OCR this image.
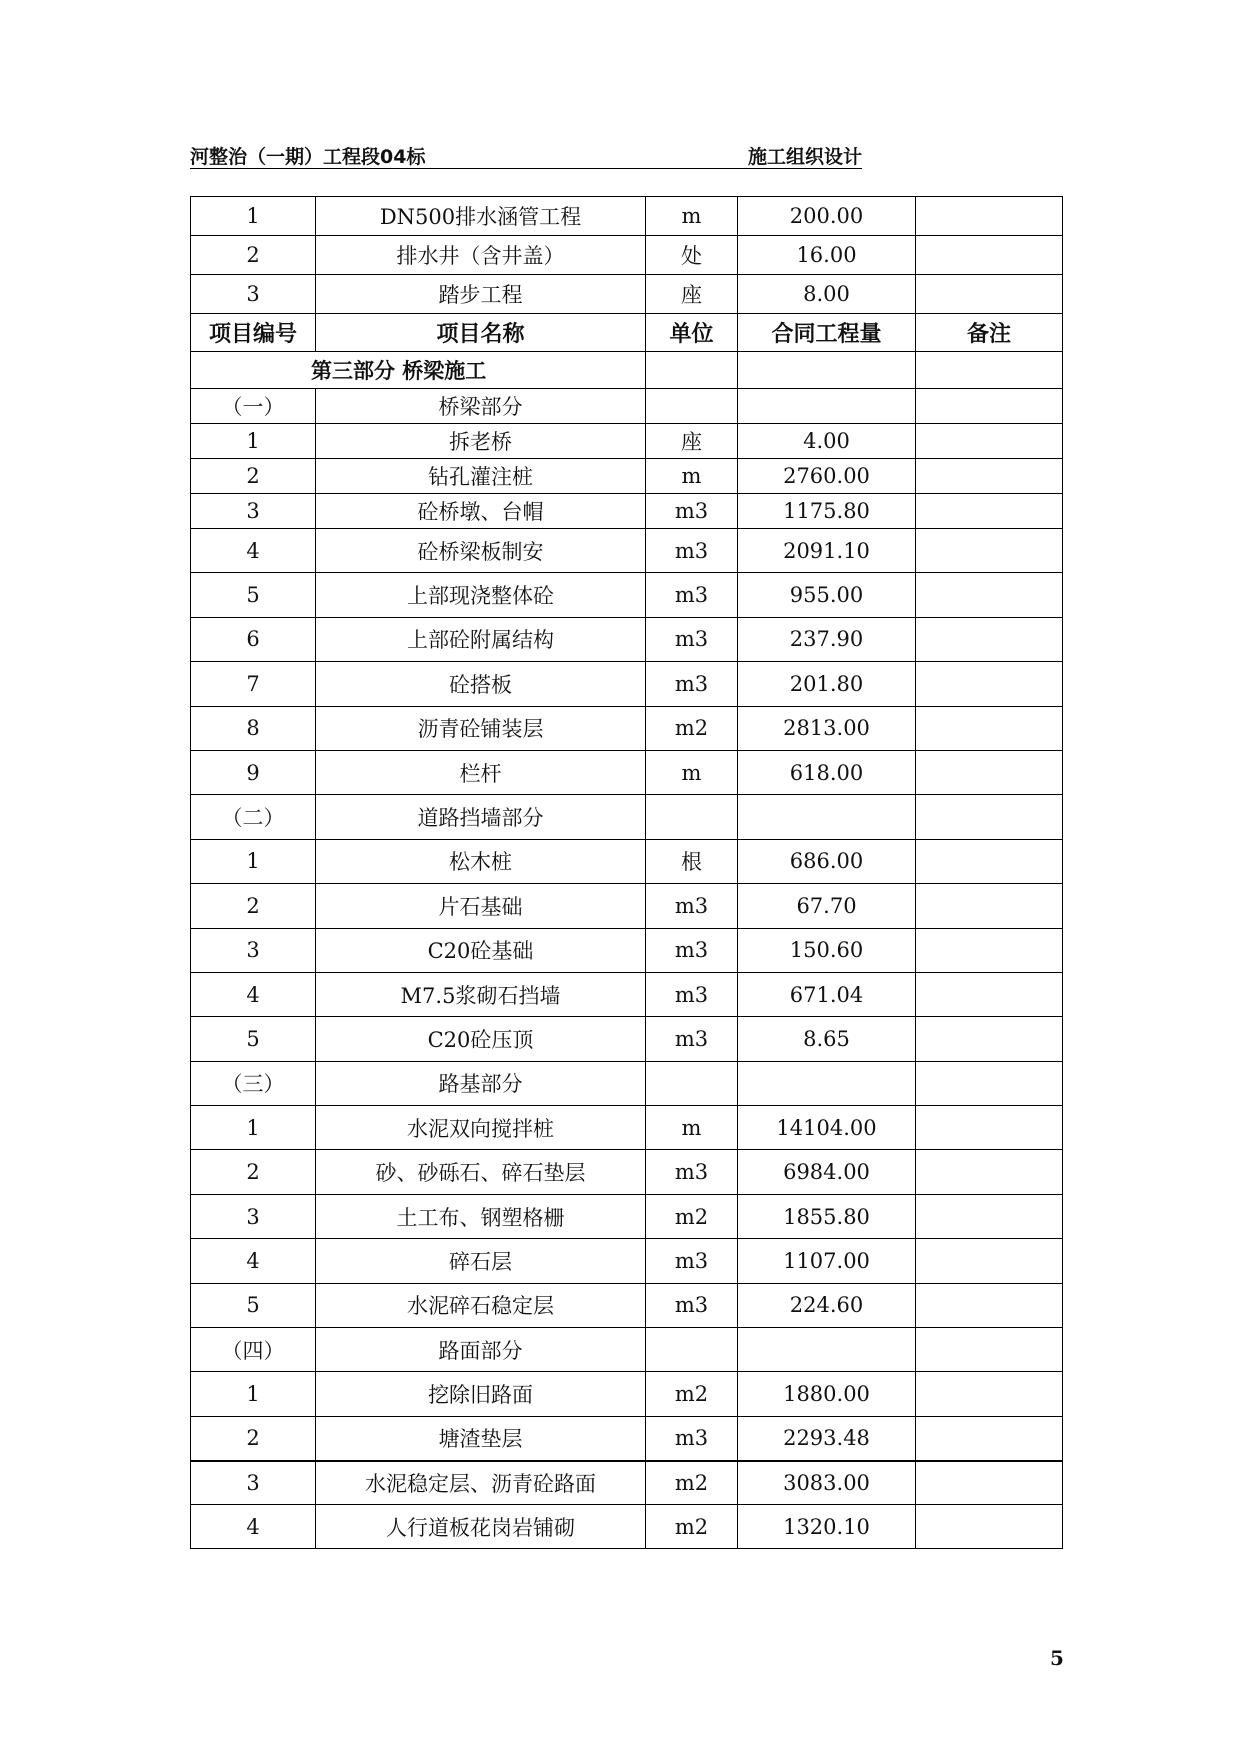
河整治（一期）工程段04标	施工组织设计
1	DN500排水涵管工程	m	200.00	
2	排水井（含井盖）	处	16.00	
3	踏步工程	座	8.00	
项目编号	项目名称	单位	合同工程量	备注
第三部分 桥梁施工				
（一）	桥梁部分			
1	拆老桥	座	4.00	
2	钻孔灌注桩	m	2760.00	
3	砼桥墩、台帽	m3	1175.80	
4	砼桥梁板制安	m3	2091.10	
5	上部现浇整体砼	m3	955.00	
6	上部砼附属结构	m3	237.90	
7	砼搭板	m3	201.80	
8	沥青砼铺装层	m2	2813.00	
9	栏杆	m	618.00	
（二）	道路挡墙部分			
1	松木桩	根	686.00	
2	片石基础	m3	67.70	
3	C20砼基础	m3	150.60	
4	M7.5浆砌石挡墙	m3	671.04	
5	C20砼压顶	m3	8.65	
（三）	路基部分			
1	水泥双向搅拌桩	m	14104.00	
2	砂、砂砾石、碎石垫层	m3	6984.00	
3	土工布、钢塑格栅	m2	1855.80	
4	碎石层	m3	1107.00	
5	水泥碎石稳定层	m3	224.60	
（四）	路面部分			
1	挖除旧路面	m2	1880.00	
2	塘渣垫层	m3	2293.48	
3	水泥稳定层、沥青砼路面	m2	3083.00	
4	人行道板花岗岩铺砌	m2	1320.10	
5
